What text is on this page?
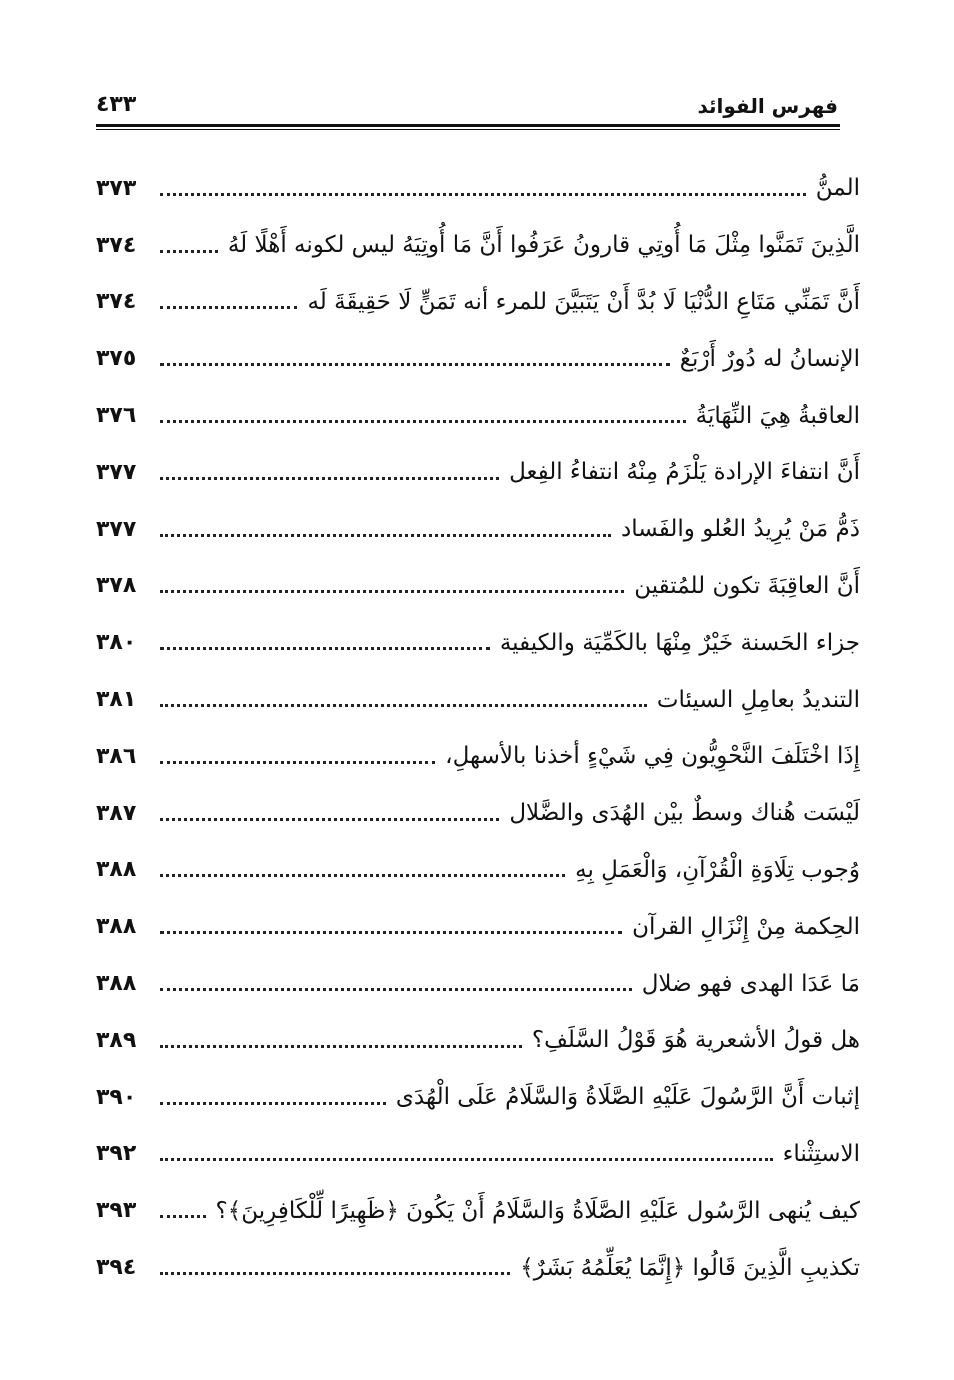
فهرس الفوائد
٤٣٣
المنُّ
٣٧٣
الَّذِينَ تَمَنَّوا مِثْلَ مَا أُوتِي قارونُ عَرَفُوا أَنَّ مَا أُوتِيَهُ ليس لكونه أَهْلًا لَهُ
٣٧٤
أَنَّ تَمَنِّي مَتَاعِ الدُّنْيَا لَا بُدَّ أَنْ يَتَبَيَّنَ للمرء أنه تَمَنٍّ لَا حَقِيقَةَ لَه
٣٧٤
الإنسانُ له دُورٌ أَرْبَعٌ
٣٧٥
العاقبةُ هِيَ النِّهَايَةُ
٣٧٦
أَنَّ انتفاءَ الإرادة يَلْزَمُ مِنْهُ انتفاءُ الفِعل
٣٧٧
ذَمُّ مَنْ يُرِيدُ العُلو والفَساد
٣٧٧
أَنَّ العاقِبَةَ تكون للمُتقين
٣٧٨
جزاء الحَسنة خَيْرٌ مِنْهَا بالكَمِّيَة والكيفية
٣٨٠
التنديدُ بعامِلِ السيئات
٣٨١
إِذَا اخْتَلَفَ النَّحْوِيُّون فِي شَيْءٍ أخذنا بالأسهلِ،
٣٨٦
لَيْسَت هُناك وسطٌ بيْن الهُدَى والضَّلال
٣٨٧
وُجوب تِلَاوَةِ الْقُرْآنِ، وَالْعَمَلِ بِهِ
٣٨٨
الحِكمة مِنْ إِنْزَالِ القرآن
٣٨٨
مَا عَدَا الهدى فهو ضلال
٣٨٨
هل قولُ الأشعرية هُوَ قَوْلُ السَّلَفِ؟
٣٨٩
إثبات أَنَّ الرَّسُولَ عَلَيْهِ الصَّلَاةُ وَالسَّلَامُ عَلَى الْهُدَى
٣٩٠
الاستِثْناء
٣٩٢
كيف يُنهى الرَّسُول عَلَيْهِ الصَّلَاةُ وَالسَّلَامُ أَنْ يَكُونَ ﴿ظَهِيرًا لِّلْكَافِرِينَ﴾؟
٣٩٣
تكذيبِ الَّذِينَ قَالُوا ﴿إِنَّمَا يُعَلِّمُهُ بَشَرٌ﴾
٣٩٤
